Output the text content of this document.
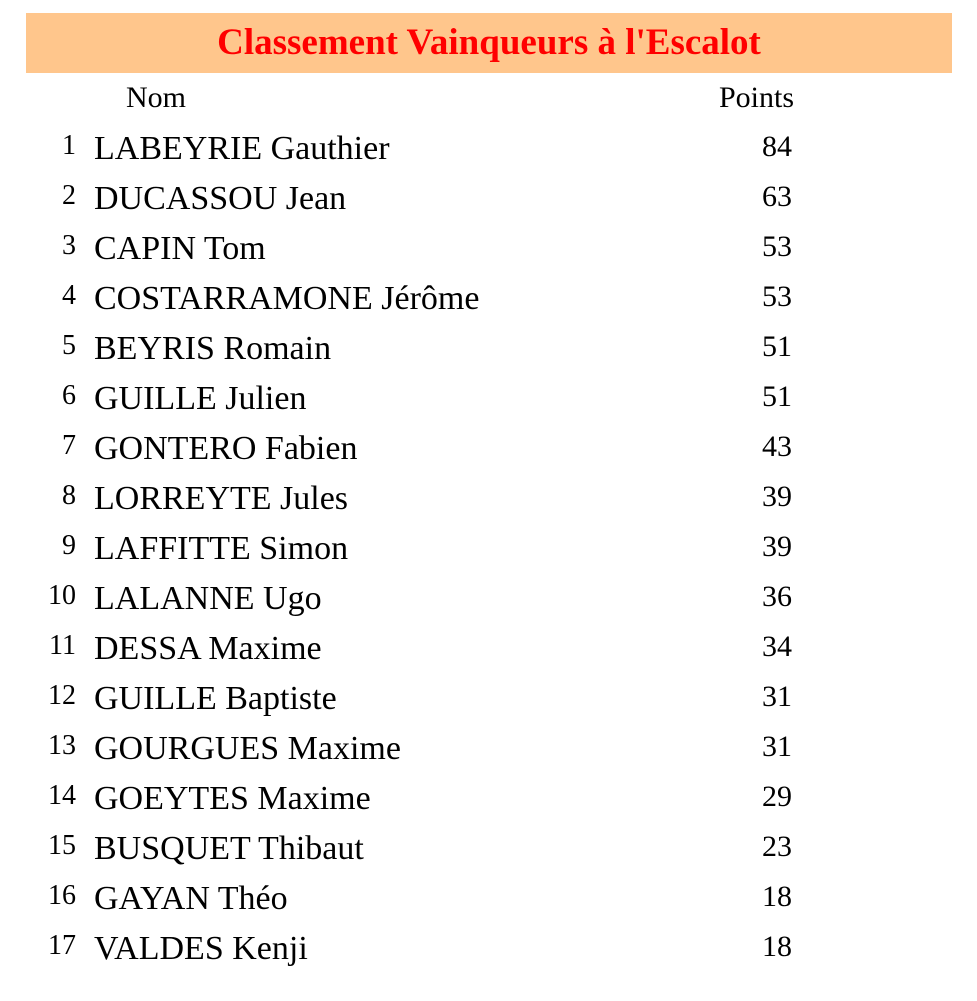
Classement Vainqueurs à l'Escalot
Nom	Points
1 LABEYRIE Gauthier	84
2 DUCASSOU Jean	63
3 CAPIN Tom	53
4 COSTARRAMONE Jérôme	53
5 BEYRIS Romain	51
6 GUILLE Julien	51
7 GONTERO Fabien	43
8 LORREYTE Jules	39
9 LAFFITTE Simon	39
10 LALANNE Ugo	36
11 DESSA Maxime	34
12 GUILLE Baptiste	31
13 GOURGUES Maxime	31
14 GOEYTES Maxime	29
15 BUSQUET Thibaut	23
16 GAYAN Théo	18
17 VALDES Kenji	18
